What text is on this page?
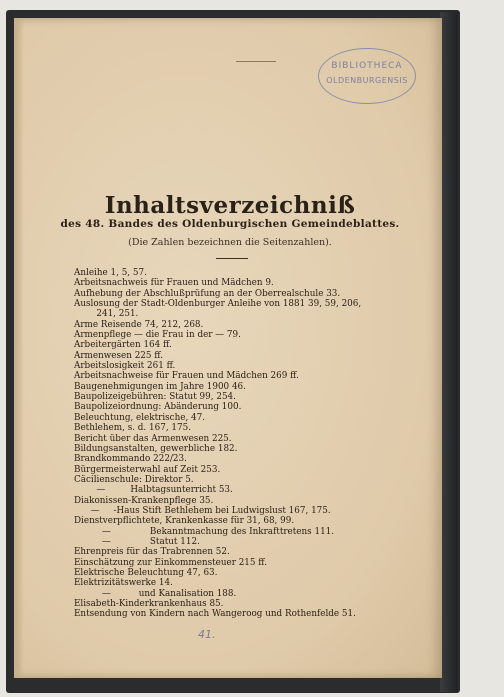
BIBLIOTHECA
OLDENBURGENSIS
Inhaltsverzeichniß
des 48. Bandes des Oldenburgischen Gemeindeblattes.
(Die Zahlen bezeichnen die Seitenzahlen).
Anleihe 1, 5, 57.
Arbeitsnachweis für Frauen und Mädchen 9.
Aufhebung der Abschlußprüfung an der Oberrealschule 33.
Auslosung der Stadt-Oldenburger Anleihe von 1881 39, 59, 206,
241, 251.
Arme Reisende 74, 212, 268.
Armenpflege — die Frau in der — 79.
Arbeitergärten 164 ff.
Armenwesen 225 ff.
Arbeitslosigkeit 261 ff.
Arbeitsnachweise für Frauen und Mädchen 269 ff.
Baugenehmigungen im Jahre 1900 46.
Baupolizeigebühren: Statut 99, 254.
Baupolizeiordnung: Abänderung 100.
Beleuchtung, elektrische, 47.
Bethlehem, s. d. 167, 175.
Bericht über das Armenwesen 225.
Bildungsanstalten, gewerbliche 182.
Brandkommando 222/23.
Bürgermeisterwahl auf Zeit 253.
Cäcilienschule: Direktor 5.
—         Halbtagsunterricht 53.
Diakonissen-Krankenpflege 35.
—     -Haus Stift Bethlehem bei Ludwigslust 167, 175.
Dienstverpflichtete, Krankenkasse für 31, 68, 99.
—              Bekanntmachung des Inkrafttretens 111.
—              Statut 112.
Ehrenpreis für das Trabrennen 52.
Einschätzung zur Einkommensteuer 215 ff.
Elektrische Beleuchtung 47, 63.
Elektrizitätswerke 14.
—          und Kanalisation 188.
Elisabeth-Kinderkrankenhaus 85.
Entsendung von Kindern nach Wangeroog und Rothenfelde 51.
41.
